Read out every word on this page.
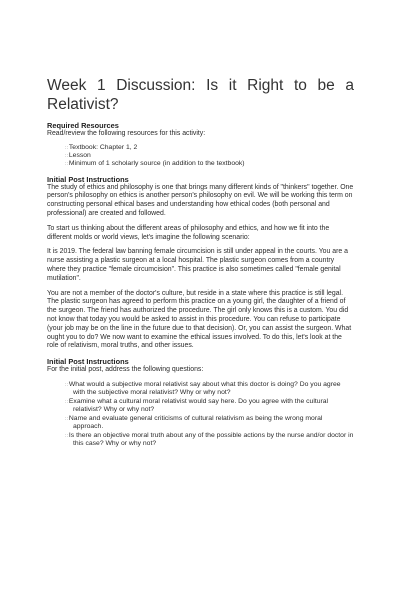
Week 1 Discussion: Is it Right to be a Relativist?
Required Resources

Read/review the following resources for this activity:

∷Textbook: Chapter 1, 2
∷Lesson
∷Minimum of 1 scholarly source (in addition to the textbook)
Initial Post Instructions

The study of ethics and philosophy is one that brings many different kinds of "thinkers" together. One person's philosophy on ethics is another person's philosophy on evil. We will be working this term on constructing personal ethical bases and understanding how ethical codes (both personal and professional) are created and followed.

To start us thinking about the different areas of philosophy and ethics, and how we fit into the different molds or world views, let's imagine the following scenario:

It is 2019. The federal law banning female circumcision is still under appeal in the courts. You are a nurse assisting a plastic surgeon at a local hospital. The plastic surgeon comes from a country where they practice "female circumcision". This practice is also sometimes called "female genital mutilation".

You are not a member of the doctor's culture, but reside in a state where this practice is still legal. The plastic surgeon has agreed to perform this practice on a young girl, the daughter of a friend of the surgeon. The friend has authorized the procedure. The girl only knows this is a custom. You did not know that today you would be asked to assist in this procedure. You can refuse to participate (your job may be on the line in the future due to that decision). Or, you can assist the surgeon. What ought you to do? We now want to examine the ethical issues involved. To do this, let's look at the role of relativism, moral truths, and other issues.

Initial Post Instructions

For the initial post, address the following questions:

∷What would a subjective moral relativist say about what this doctor is doing? Do you agree with the subjective moral relativist? Why or why not?
∷Examine what a cultural moral relativist would say here. Do you agree with the cultural relativist? Why or why not?
∷Name and evaluate general criticisms of cultural relativism as being the wrong moral approach.
∷Is there an objective moral truth about any of the possible actions by the nurse and/or doctor in this case? Why or why not?
